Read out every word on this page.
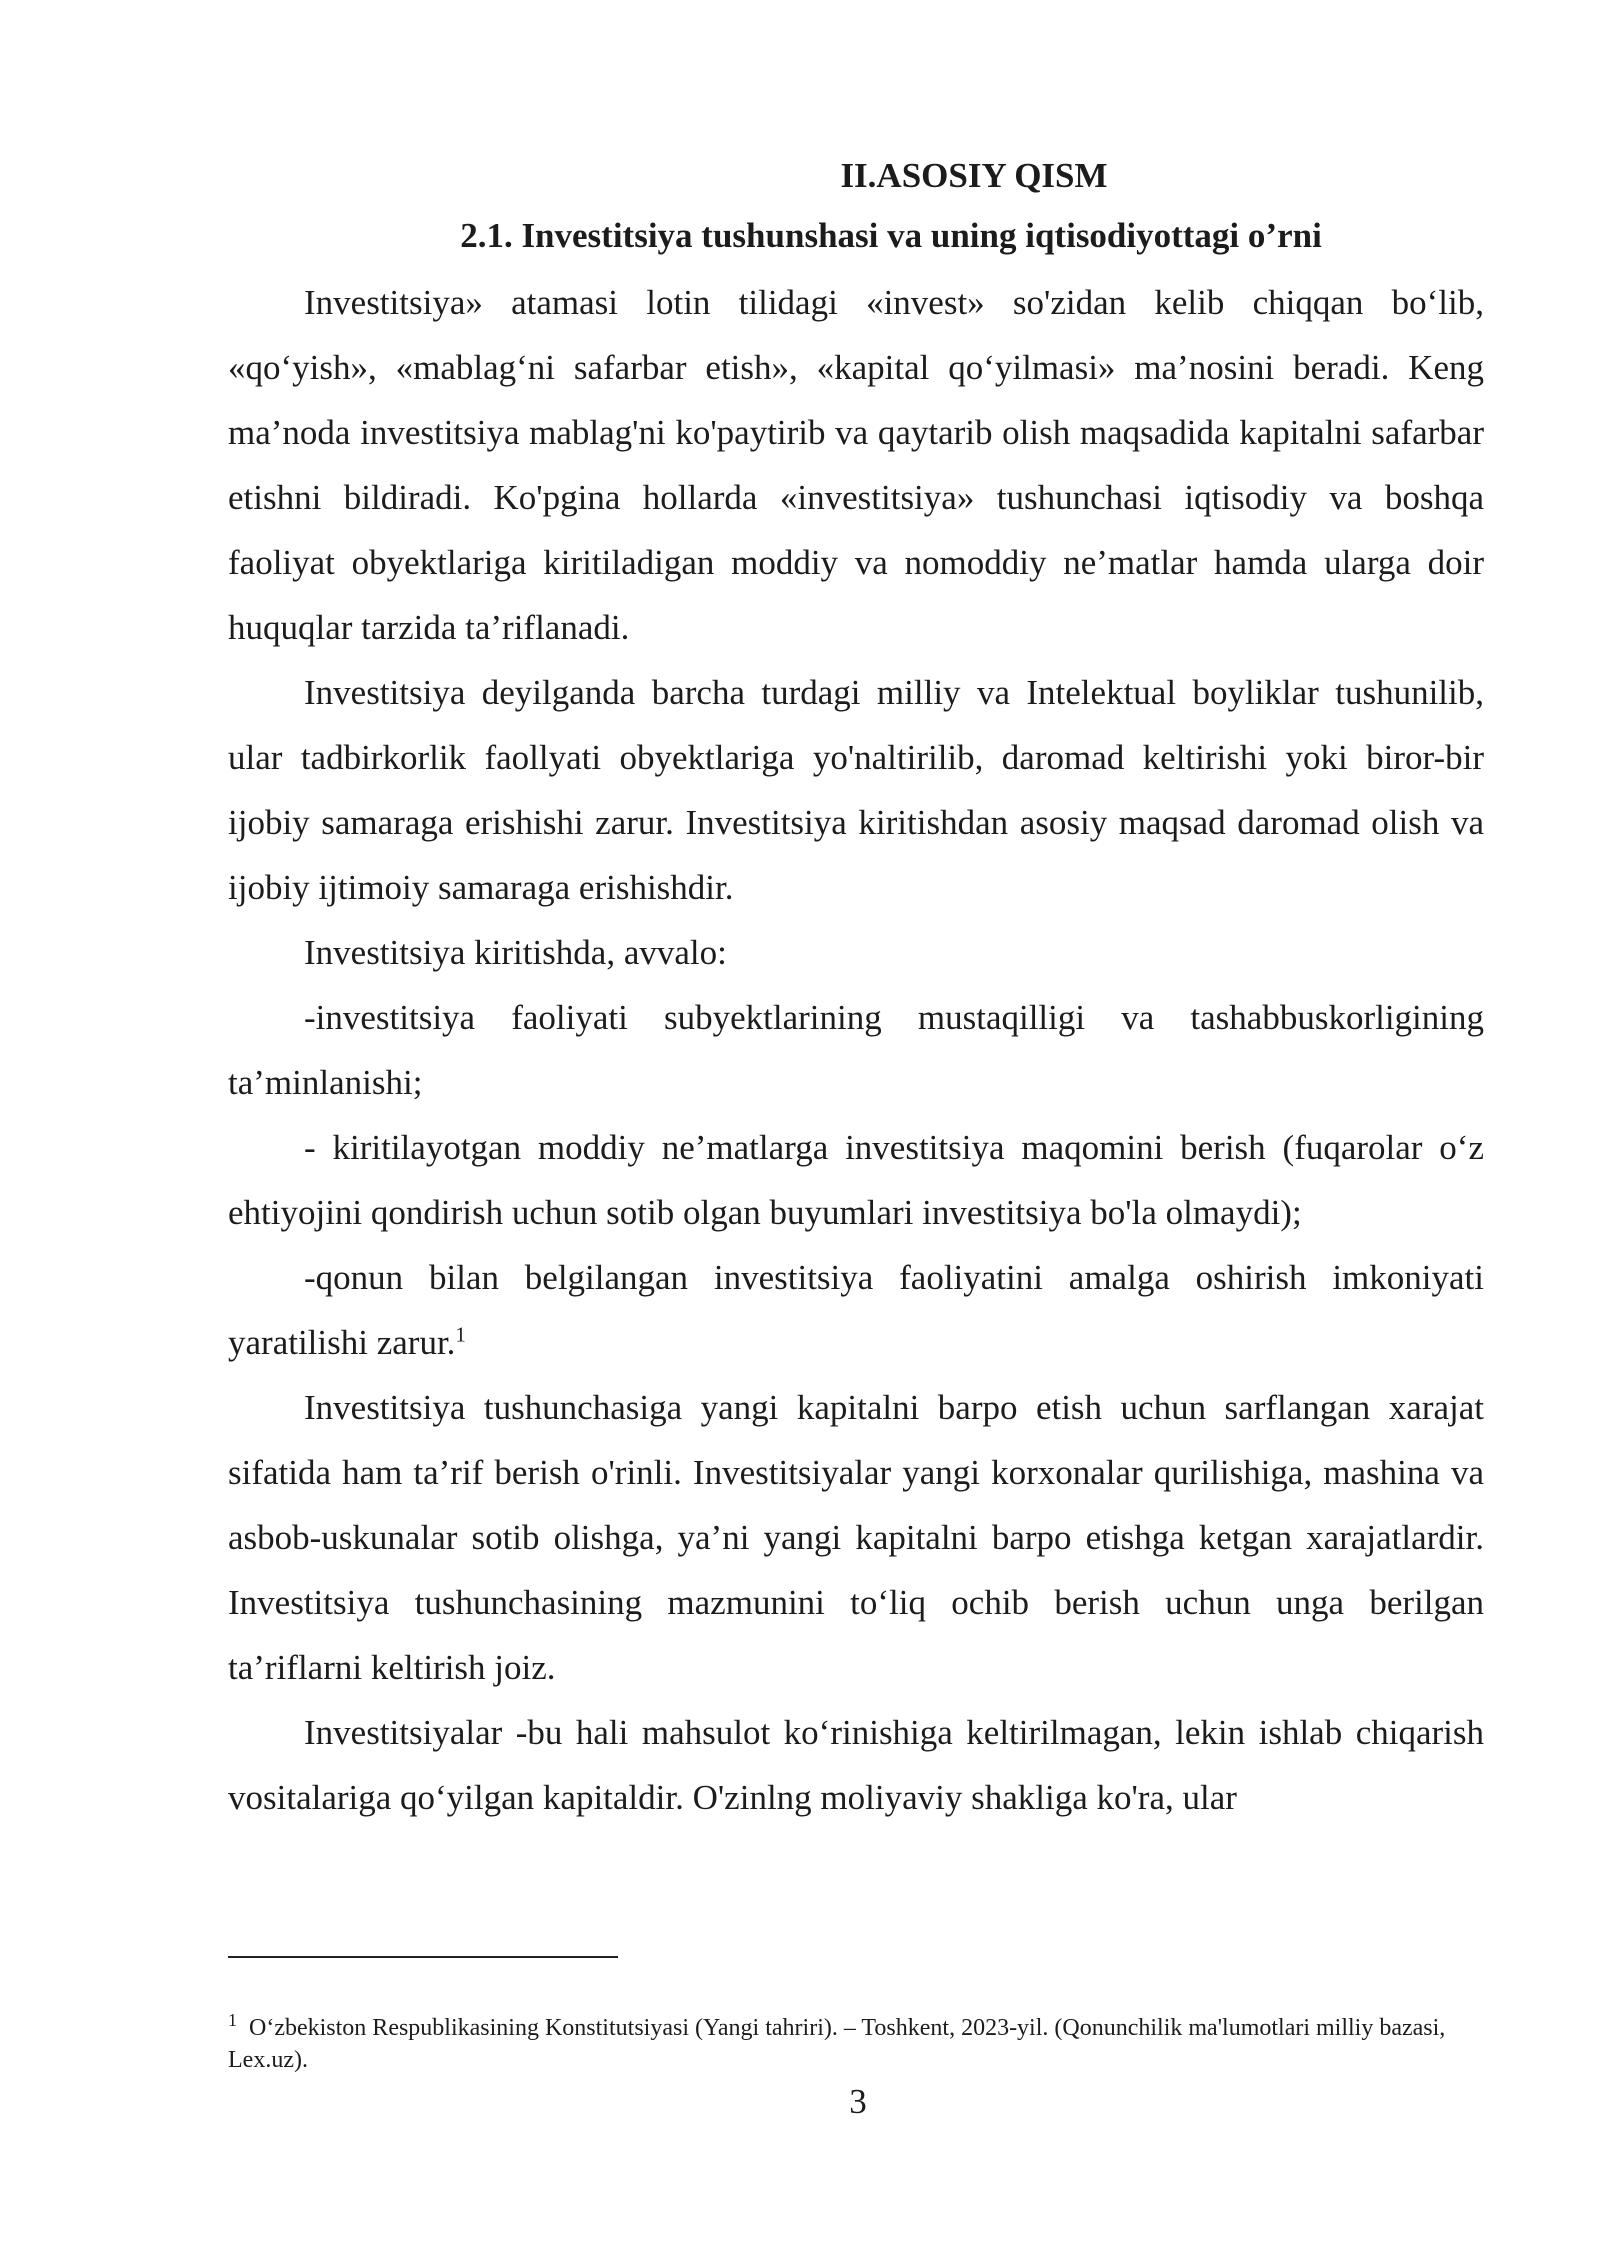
II.ASOSIY QISM
2.1. Investitsiya tushunshasi va uning iqtisodiyottagi o’rni

Investitsiya» atamasi lotin tilidagi «invest» so'zidan kelib chiqqan bo‘lib, «qo‘yish», «mablag‘ni safarbar etish», «kapital qo‘yilmasi» ma’nosini beradi. Keng ma’noda investitsiya mablag'ni ko'paytirib va qaytarib olish maqsadida kapitalni safarbar etishni bildiradi. Ko'pgina hollarda «investitsiya» tushunchasi iqtisodiy va boshqa faoliyat obyektlariga kiritiladigan moddiy va nomoddiy ne’matlar hamda ularga doir huquqlar tarzida ta’riflanadi.

Investitsiya deyilganda barcha turdagi milliy va Intelektual boyliklar tushunilib, ular tadbirkorlik faollyati obyektlariga yo'naltirilib, daromad keltirishi yoki biror-bir ijobiy samaraga erishishi zarur. Investitsiya kiritishdan asosiy maqsad daromad olish va ijobiy ijtimoiy samaraga erishishdir.

Investitsiya kiritishda, avvalo:

-investitsiya faoliyati subyektlarining mustaqilligi va tashabbuskorligining ta’minlanishi;

- kiritilayotgan moddiy ne’matlarga investitsiya maqomini berish (fuqarolar o‘z ehtiyojini qondirish uchun sotib olgan buyumlari investitsiya bo'la olmaydi);

-qonun bilan belgilangan investitsiya faoliyatini amalga oshirish imkoniyati yaratilishi zarur.$^1$

Investitsiya tushunchasiga yangi kapitalni barpo etish uchun sarflangan xarajat sifatida ham ta’rif berish o'rinli. Investitsiyalar yangi korxonalar qurilishiga, mashina va asbob-uskunalar sotib olishga, ya’ni yangi kapitalni barpo etishga ketgan xarajatlardir. Investitsiya tushunchasining mazmunini to‘liq ochib berish uchun unga berilgan ta’riflarni keltirish joiz.

Investitsiyalar -bu hali mahsulot ko‘rinishiga keltirilmagan, lekin ishlab chiqarish vositalariga qo‘yilgan kapitaldir. O'zinlng moliyaviy shakliga ko'ra, ular

$^1$ O‘zbekiston Respublikasining Konstitutsiyasi (Yangi tahriri). – Toshkent, 2023-yil. (Qonunchilik ma'lumotlari milliy bazasi, Lex.uz).
3
